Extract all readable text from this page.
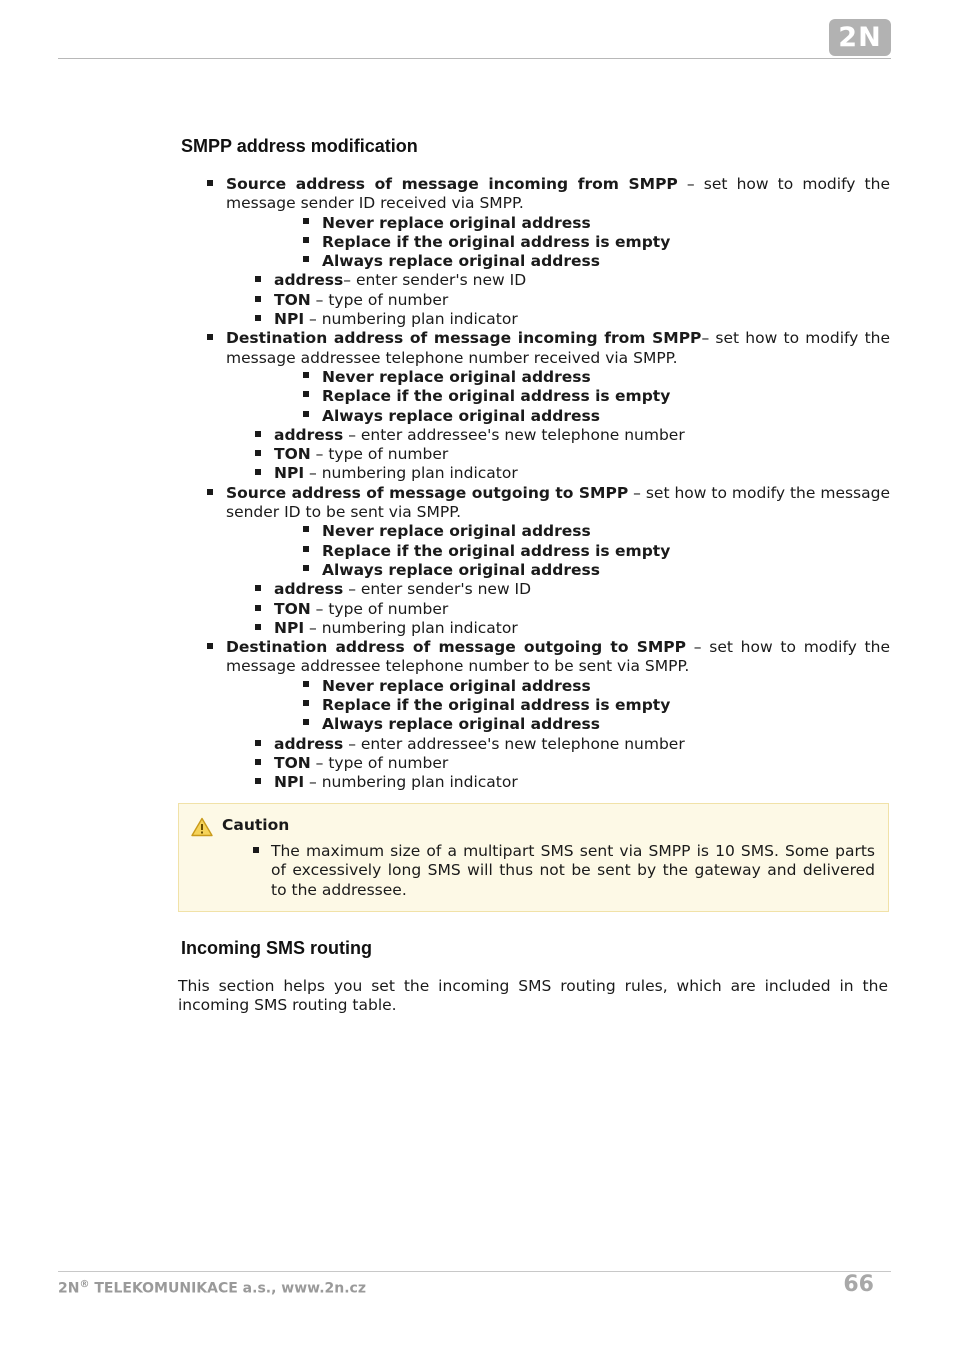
2N
SMPP address modification
Source address of message incoming from SMPP – set how to modify the message sender ID received via SMPP.
Never replace original address
Replace if the original address is empty
Always replace original address
address– enter sender's new ID
TON – type of number
NPI – numbering plan indicator
Destination address of message incoming from SMPP– set how to modify the message addressee telephone number received via SMPP.
Never replace original address
Replace if the original address is empty
Always replace original address
address – enter addressee's new telephone number
TON – type of number
NPI – numbering plan indicator
Source address of message outgoing to SMPP – set how to modify the message sender ID to be sent via SMPP.
Never replace original address
Replace if the original address is empty
Always replace original address
address – enter sender's new ID
TON – type of number
NPI – numbering plan indicator
Destination address of message outgoing to SMPP – set how to modify the message addressee telephone number to be sent via SMPP.
Never replace original address
Replace if the original address is empty
Always replace original address
address – enter addressee's new telephone number
TON – type of number
NPI – numbering plan indicator
Caution
The maximum size of a multipart SMS sent via SMPP is 10 SMS. Some parts of excessively long SMS will thus not be sent by the gateway and delivered to the addressee.
Incoming SMS routing
This section helps you set the incoming SMS routing rules, which are included in the incoming SMS routing table.
2N® TELEKOMUNIKACE a.s., www.2n.cz	66
